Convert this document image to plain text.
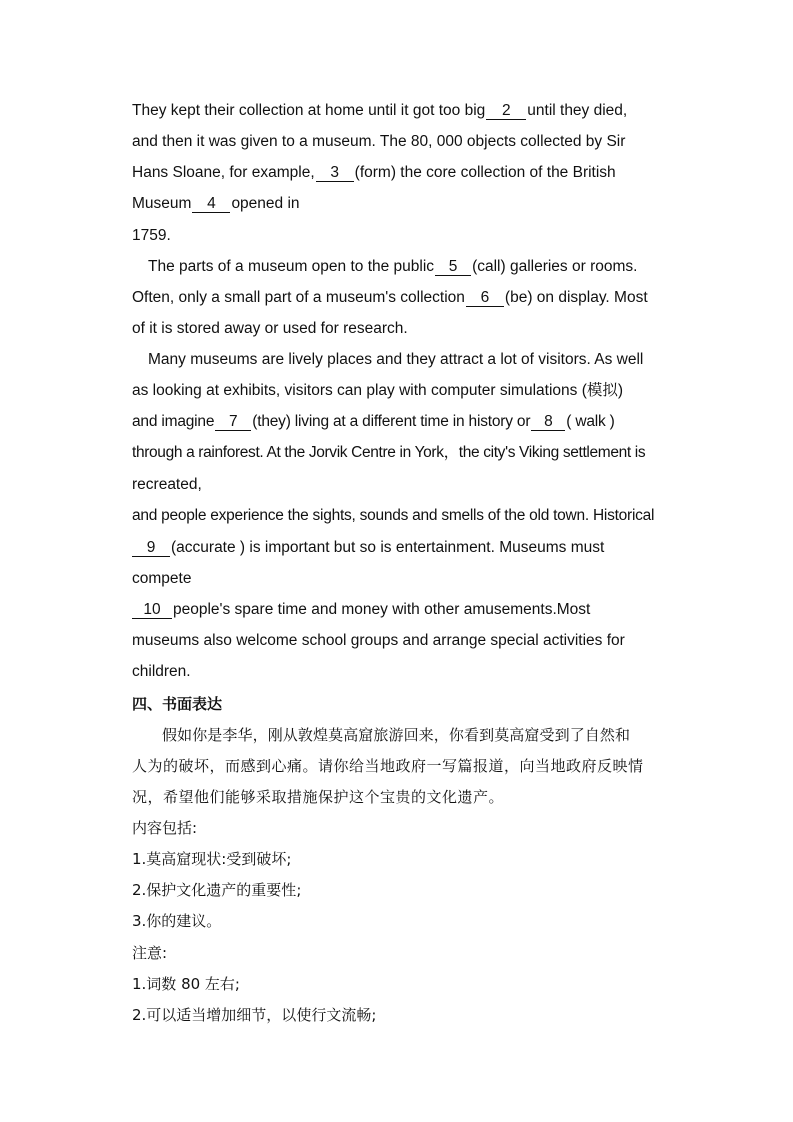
They kept their collection at home until it got too big 2 until they died,
and then it was given to a museum. The 80, 000 objects collected by Sir
Hans Sloane, for example, 3 (form) the core collection of the British
Museum 4 opened in
1759.
The parts of a museum open to the public 5 (call) galleries or rooms.
Often, only a small part of a museum's collection 6 (be) on display. Most
of it is stored away or used for research.
Many museums are lively places and they attract a lot of visitors. As well
as looking at exhibits, visitors can play with computer simulations (模拟)
and imagine 7 (they) living at a different time in history or 8 ( walk )
through a rainforest. At the Jorvik Centre in York，the city's Viking settlement is
recreated,
and people experience the sights, sounds and smells of the old town. Historical
9 (accurate ) is important but so is entertainment. Museums must
compete
10 people's spare time and money with other amusements.Most
museums also welcome school groups and arrange special activities for
children.
四、书面表达
假如你是李华，刚从敦煌莫高窟旅游回来，你看到莫高窟受到了自然和
人为的破坏，而感到心痛。请你给当地政府一写篇报道，向当地政府反映情
况，希望他们能够采取措施保护这个宝贵的文化遗产。
内容包括:
1.莫高窟现状:受到破坏;
2.保护文化遗产的重要性;
3.你的建议。
注意:
1.词数 80 左右;
2.可以适当增加细节，以使行文流畅;
